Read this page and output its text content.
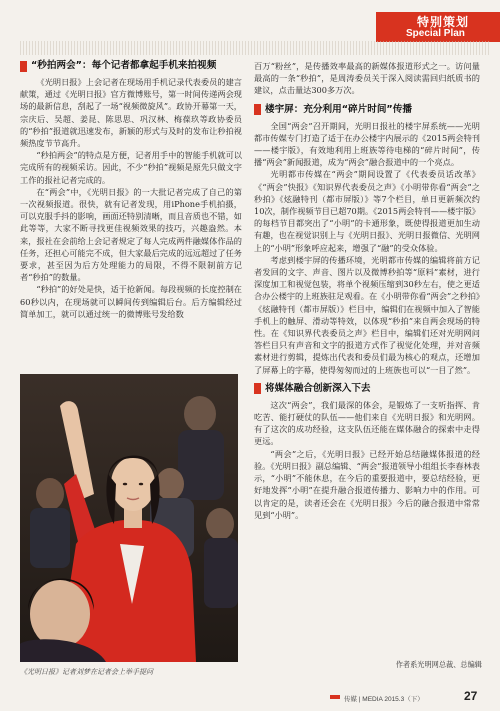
特别策划
Special Plan
“秒拍两会”：每个记者都拿起手机来拍视频

《光明日报》上会记者在现场用手机记录代表委员的建言献策，通过《光明日报》官方微博账号，第一时间传递两会现场的最新信息，刮起了一场“视频微旋风”。政协开幕第一天，宗庆后、吴超、姜昆、陈思思、巩汉林、梅葆玖等政协委员的“秒拍”报道就迅速发布，新颖的形式与及时的发布让秒拍视频热度节节高升。

“秒拍两会”的特点是方便，记者用手中的智能手机就可以完成所有的视频采访。因此，不少“秒拍”视频是原先只做文字工作的报社记者完成的。

在“两会”中，《光明日报》的一大批记者完成了自己的第一次视频报道。很快，就有记者发现，用iPhone手机拍摄，可以克服手抖的影响，画面还特别清晰，而且音质也不错，如此等等，大家不断寻找更佳视频效果的技巧，兴趣盎然。本来，报社在会前给上会记者规定了每人完成两件融媒体作品的任务，还担心可能完不成，但大家最后完成的远远超过了任务要求，甚至因为后方处理能力的局限，不得不限制前方记者“秒拍”的数量。

“秒拍”的好处是快，适于抢新闻。每段视频的长度控制在60秒以内，在现场就可以瞬间传到编辑后台。后方编辑经过简单加工，就可以通过统一的微博账号发给数

《光明日报》记者刘梦在记者会上举手提问

百万“粉丝”，是传播效率最高的新媒体报道形式之一。访问量最高的一条“秒拍”，是周涛委员关于深入阅读需回归纸质书的建议，点击量达300多万次。

楼宇屏：充分利用“碎片时间”传播

全国“两会”召开期间，光明日报社的楼宇屏系统——光明都市传媒专门打造了适于在办公楼宇内展示的《2015两会特刊——楼宇版》，有效地利用上班族等待电梯的“碎片时间”，传播“两会”新闻报道，成为“两会”融合报道中的一个亮点。

光明都市传媒在“两会”期间设置了《代表委员话改革》《“两会”快报》《知识界代表委员之声》《小明带你看“两会”之秒拍》《炫融特刊（都市屏版）》等7个栏目，单日更新频次约10次，制作视频节目已超70期。《2015两会特刊——楼宇版》的每档节目都突出了“小明”的卡通形象，既使得报道更加生动有趣，也在视觉识别上与《光明日报》、光明日报微信、光明网上的“小明”形象呼应起来，增强了“融”的受众体验。

考虑到楼宇屏的传播环境，光明都市传媒的编辑将前方记者发回的文字、声音、图片以及微博秒拍等“原料”素材，进行深度加工和视觉包装，将单个视频压缩到30秒左右，使之更适合办公楼宇的上班族驻足观看。在《小明带你看“两会”之秒拍》《炫融特刊（都市屏版）》栏目中，编辑们在视频中加入了智能手机上的触屏、滑动等特效，以体现“秒拍”来自两会现场的特性。在《知识界代表委员之声》栏目中，编辑们还对光明网问答栏目只有声音和文字的报道方式作了视觉化处理，并对音频素材进行剪辑，提炼出代表和委员们最为核心的观点，还增加了屏幕上的字幕，使得匆匆而过的上班族也可以“一目了然”。

将媒体融合创新深入下去

这次“两会”，我们最深的体会，是锻炼了一支听指挥、肯吃苦、能打硬仗的队伍——他们来自《光明日报》和光明网。有了这次的成功经验，这支队伍还能在媒体融合的探索中走得更远。

“两会”之后，《光明日报》已经开始总结融媒体报道的经验。《光明日报》副总编辑、“两会”报道领导小组组长李春林表示，“小明”不能休息，在今后的重要报道中，要总结经验，更好地发挥“小明”在提升融合报道传播力、影响力中的作用。可以肯定的是，读者还会在《光明日报》今后的融合报道中常常见到“小明”。

作者系光明网总裁、总编辑
传媒 | MEDIA 2015.3（下）	27
